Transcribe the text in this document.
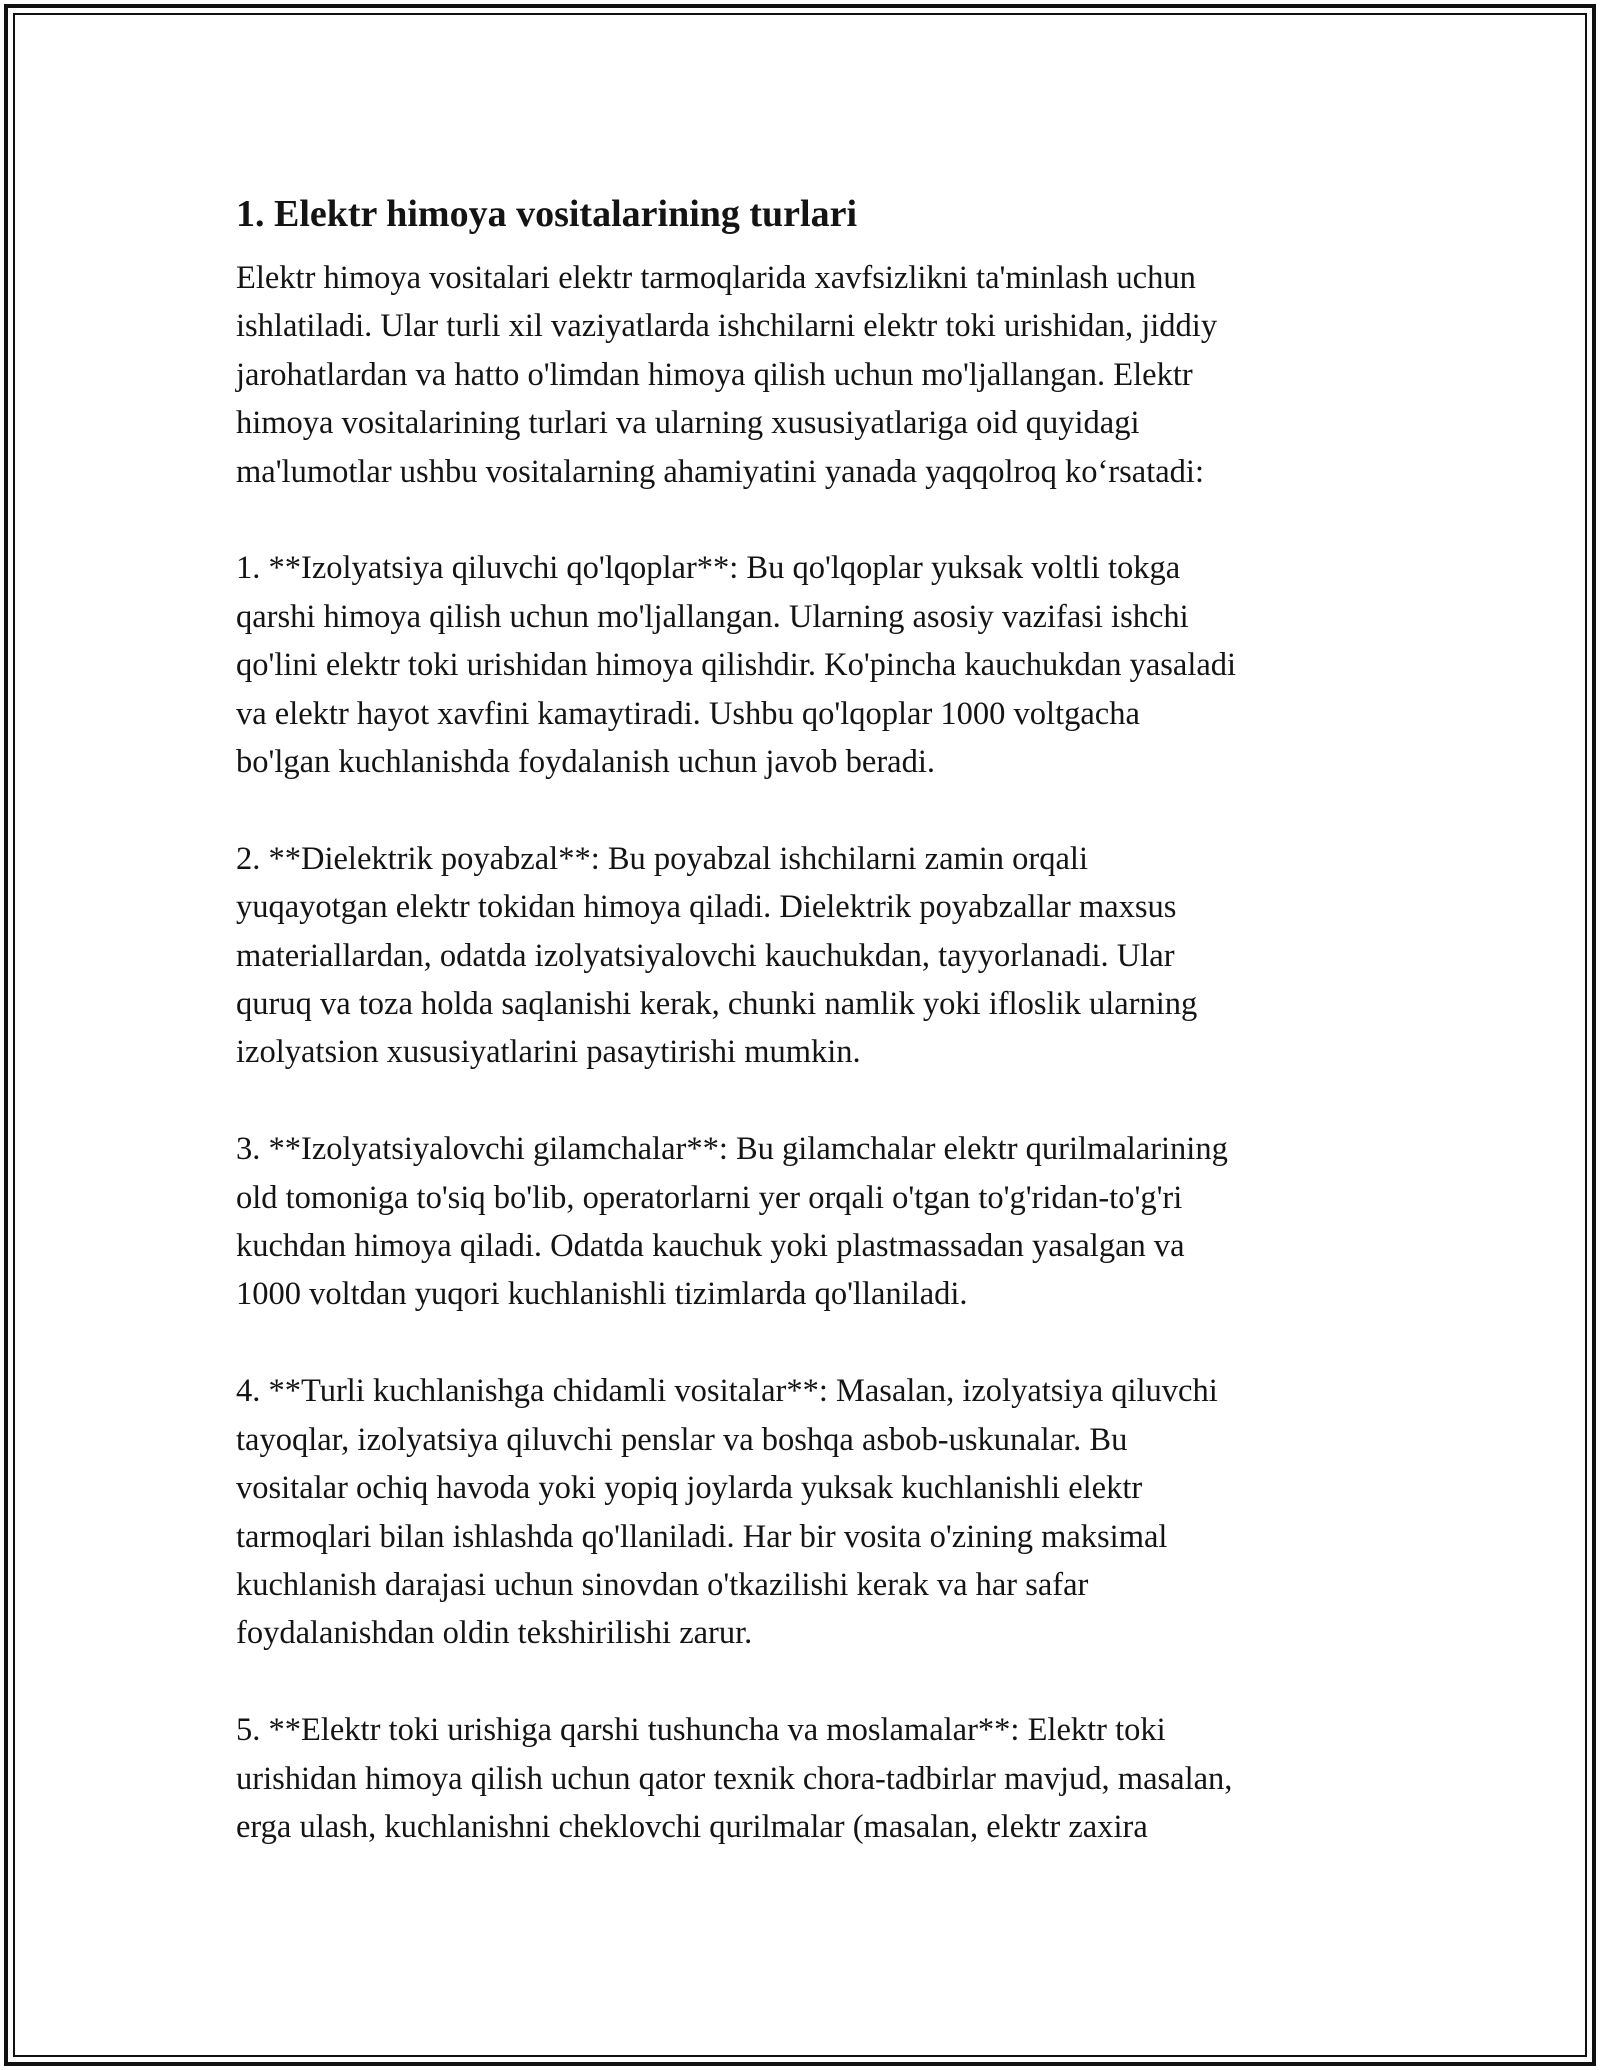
1. Elektr himoya vositalarining turlari

Elektr himoya vositalari elektr tarmoqlarida xavfsizlikni ta'minlash uchun
ishlatiladi. Ular turli xil vaziyatlarda ishchilarni elektr toki urishidan, jiddiy
jarohatlardan va hatto o'limdan himoya qilish uchun mo'ljallangan. Elektr
himoya vositalarining turlari va ularning xususiyatlariga oid quyidagi
ma'lumotlar ushbu vositalarning ahamiyatini yanada yaqqolroq koʻrsatadi:

1. **Izolyatsiya qiluvchi qo'lqoplar**: Bu qo'lqoplar yuksak voltli tokga
qarshi himoya qilish uchun mo'ljallangan. Ularning asosiy vazifasi ishchi
qo'lini elektr toki urishidan himoya qilishdir. Ko'pincha kauchukdan yasaladi
va elektr hayot xavfini kamaytiradi. Ushbu qo'lqoplar 1000 voltgacha
bo'lgan kuchlanishda foydalanish uchun javob beradi.

2. **Dielektrik poyabzal**: Bu poyabzal ishchilarni zamin orqali
yuqayotgan elektr tokidan himoya qiladi. Dielektrik poyabzallar maxsus
materiallardan, odatda izolyatsiyalovchi kauchukdan, tayyorlanadi. Ular
quruq va toza holda saqlanishi kerak, chunki namlik yoki ifloslik ularning
izolyatsion xususiyatlarini pasaytirishi mumkin.

3. **Izolyatsiyalovchi gilamchalar**: Bu gilamchalar elektr qurilmalarining
old tomoniga to'siq bo'lib, operatorlarni yer orqali o'tgan to'g'ridan-to'g'ri
kuchdan himoya qiladi. Odatda kauchuk yoki plastmassadan yasalgan va
1000 voltdan yuqori kuchlanishli tizimlarda qo'llaniladi.

4. **Turli kuchlanishga chidamli vositalar**: Masalan, izolyatsiya qiluvchi
tayoqlar, izolyatsiya qiluvchi penslar va boshqa asbob-uskunalar. Bu
vositalar ochiq havoda yoki yopiq joylarda yuksak kuchlanishli elektr
tarmoqlari bilan ishlashda qo'llaniladi. Har bir vosita o'zining maksimal
kuchlanish darajasi uchun sinovdan o'tkazilishi kerak va har safar
foydalanishdan oldin tekshirilishi zarur.

5. **Elektr toki urishiga qarshi tushuncha va moslamalar**: Elektr toki
urishidan himoya qilish uchun qator texnik chora-tadbirlar mavjud, masalan,
erga ulash, kuchlanishni cheklovchi qurilmalar (masalan, elektr zaxira
